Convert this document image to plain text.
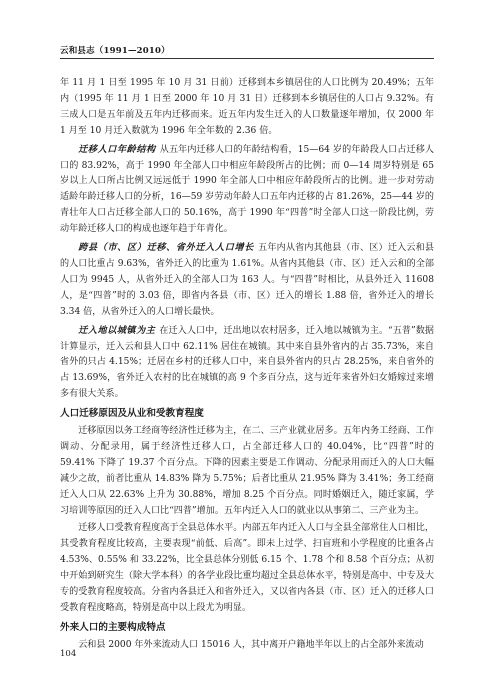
云和县志（1991—2010）

年 11 月 1 日至 1995 年 10 月 31 日前）迁移到本乡镇居住的人口比例为 20.49%；五年内（1995 年 11 月 1 日至 2000 年 10 月 31 日）迁移到本乡镇居住的人口占 9.32%。有三成人口是五年前及五年内迁移而来。近五年内发生迁入的人口数量逐年增加，仅 2000 年 1 月至 10 月迁入数就为 1996 年全年数的 2.36 倍。

迁移人口年龄结构 从五年内迁移人口的年龄结构看，15—64 岁的年龄段人口占迁移人口的 83.92%，高于 1990 年全部人口中相应年龄段所占的比例；而 0—14 周岁特别是 65 岁以上人口所占比例又远远低于 1990 年全部人口中相应年龄段所占的比例。进一步对劳动适龄年龄迁移人口的分析，16—59 岁劳动年龄人口五年内迁移的占 81.26%，25—44 岁的青壮年人口占迁移全部人口的 50.16%，高于 1990 年“四普”时全部人口这一阶段比例，劳动年龄迁移人口的构成也逐年趋于年青化。

跨县（市、区）迁移、省外迁入人口增长 五年内从省内其他县（市、区）迁入云和县的人口比重占 9.63%，省外迁入的比重为 1.61%。从省内其他县（市、区）迁入云和的全部人口为 9945 人，从省外迁入的全部人口为 163 人。与“四普”时相比，从县外迁入 11608 人，是“四普”时的 3.03 倍，即省内各县（市、区）迁入的增长 1.88 倍，省外迁入的增长 3.34 倍，从省外迁入的人口增长最快。

迁入地以城镇为主 在迁入人口中，迁出地以农村居多，迁入地以城镇为主。“五普”数据计算显示，迁入云和县人口中 62.11% 居住在城镇。其中来自县外省内的占 35.73%，来自省外的只占 4.15%；迁居在乡村的迁移人口中，来自县外省内的只占 28.25%，来自省外的占 13.69%，省外迁入农村的比在城镇的高 9 个多百分点，这与近年来省外妇女婚嫁过来增多有很大关系。

人口迁移原因及从业和受教育程度

迁移原因以务工经商等经济性迁移为主，在二、三产业就业居多。五年内务工经商、工作调动、分配录用，属于经济性迁移人口，占全部迁移人口的 40.04%，比“四普”时的 59.41% 下降了 19.37 个百分点。下降的因素主要是工作调动、分配录用而迁入的人口大幅减少之故，前者比重从 14.83% 降为 5.75%；后者比重从 21.95% 降为 3.41%；务工经商迁入人口从 22.63% 上升为 30.88%，增加 8.25 个百分点。同时婚姻迁入，随迁家属，学习培训等原因的迁入人口比“四普”增加。五年内迁入人口的就业以从事第二、三产业为主。

迁移人口受教育程度高于全县总体水平。内部五年内迁入人口与全县全部常住人口相比，其受教育程度比较高，主要表现“前低、后高”。即未上过学、扫盲班和小学程度的比重各占 4.53%、0.55% 和 33.22%，比全县总体分别低 6.15 个、1.78 个和 8.58 个百分点；从初中开始到研究生（除大学本科）的各学业段比重均超过全县总体水平，特别是高中、中专及大专的受教育程度较高。分省内各县迁入和省外迁入，又以省内各县（市、区）迁入的迁移人口受教育程度略高，特别是高中以上段尤为明显。

外来人口的主要构成特点

云和县 2000 年外来流动人口 15016 人，其中离开户籍地半年以上的占全部外来流动

104
